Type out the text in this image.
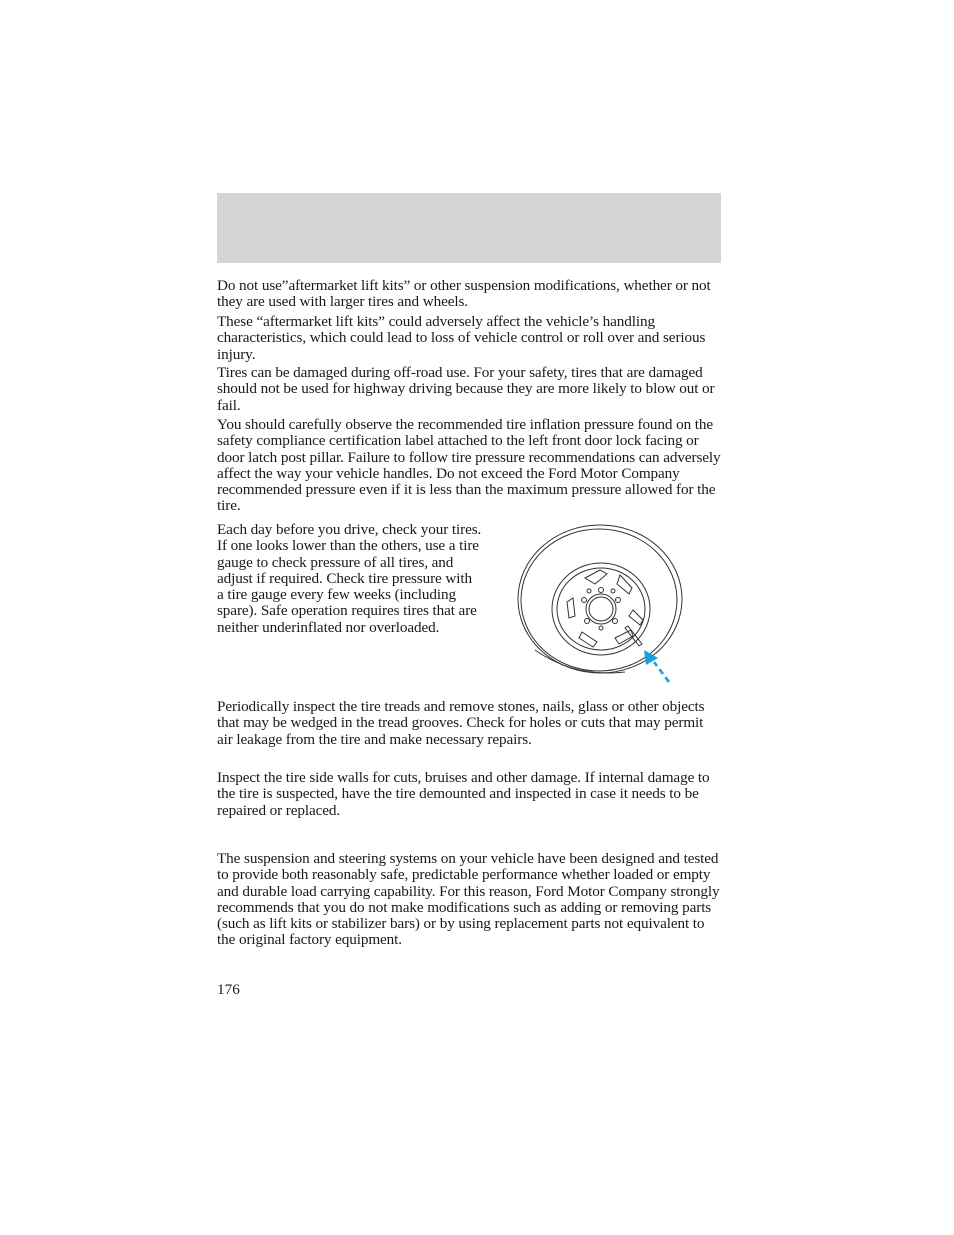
Do not use”aftermarket lift kits” or other suspension modifications, whether or not they are used with larger tires and wheels.

These “aftermarket lift kits” could adversely affect the vehicle’s handling characteristics, which could lead to loss of vehicle control or roll over and serious injury.

Tires can be damaged during off-road use. For your safety, tires that are damaged should not be used for highway driving because they are more likely to blow out or fail.

You should carefully observe the recommended tire inflation pressure found on the safety compliance certification label attached to the left front door lock facing or door latch post pillar. Failure to follow tire pressure recommendations can adversely affect the way your vehicle handles. Do not exceed the Ford Motor Company recommended pressure even if it is less than the maximum pressure allowed for the tire.

Each day before you drive, check your tires. If one looks lower than the others, use a tire gauge to check pressure of all tires, and adjust if required. Check tire pressure with a tire gauge every few weeks (including spare). Safe operation requires tires that are neither underinflated nor overloaded.

Periodically inspect the tire treads and remove stones, nails, glass or other objects that may be wedged in the tread grooves. Check for holes or cuts that may permit air leakage from the tire and make necessary repairs.

Inspect the tire side walls for cuts, bruises and other damage. If internal damage to the tire is suspected, have the tire demounted and inspected in case it needs to be repaired or replaced.

The suspension and steering systems on your vehicle have been designed and tested to provide both reasonably safe, predictable performance whether loaded or empty and durable load carrying capability. For this reason, Ford Motor Company strongly recommends that you do not make modifications such as adding or removing parts (such as lift kits or stabilizer bars) or by using replacement parts not equivalent to the original factory equipment.

176
